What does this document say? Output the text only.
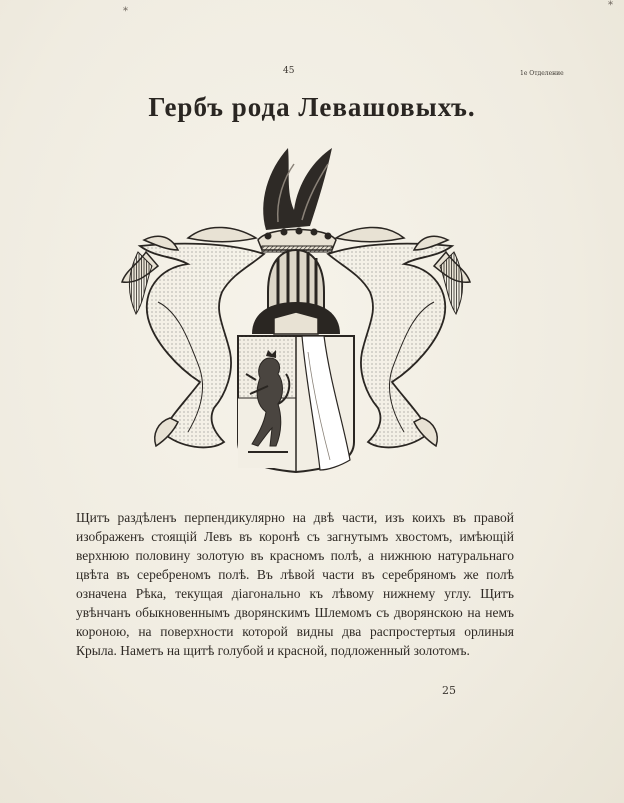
*
*
45	1e Отделение
Гербъ рода Левашовыхъ.

Щитъ раздѣленъ перпендикулярно на двѣ части, изъ коихъ въ правой изображенъ стоящій Левъ въ коронѣ съ загнутымъ хвостомъ, имѣющій верхнюю половину золотую въ красномъ полѣ, а нижнюю натуральнаго цвѣта въ серебреномъ полѣ. Въ лѣвой части въ серебряномъ же полѣ означена Рѣка, текущая діагонально къ лѣвому нижнему углу. Щитъ увѣнчанъ обыкновеннымъ дворянскимъ Шлемомъ съ дворянскою на немъ короною, на поверхности которой видны два распростертыя орлиныя Крыла. Наметъ на щитѣ голубой и красной, подложенный золотомъ.

25
